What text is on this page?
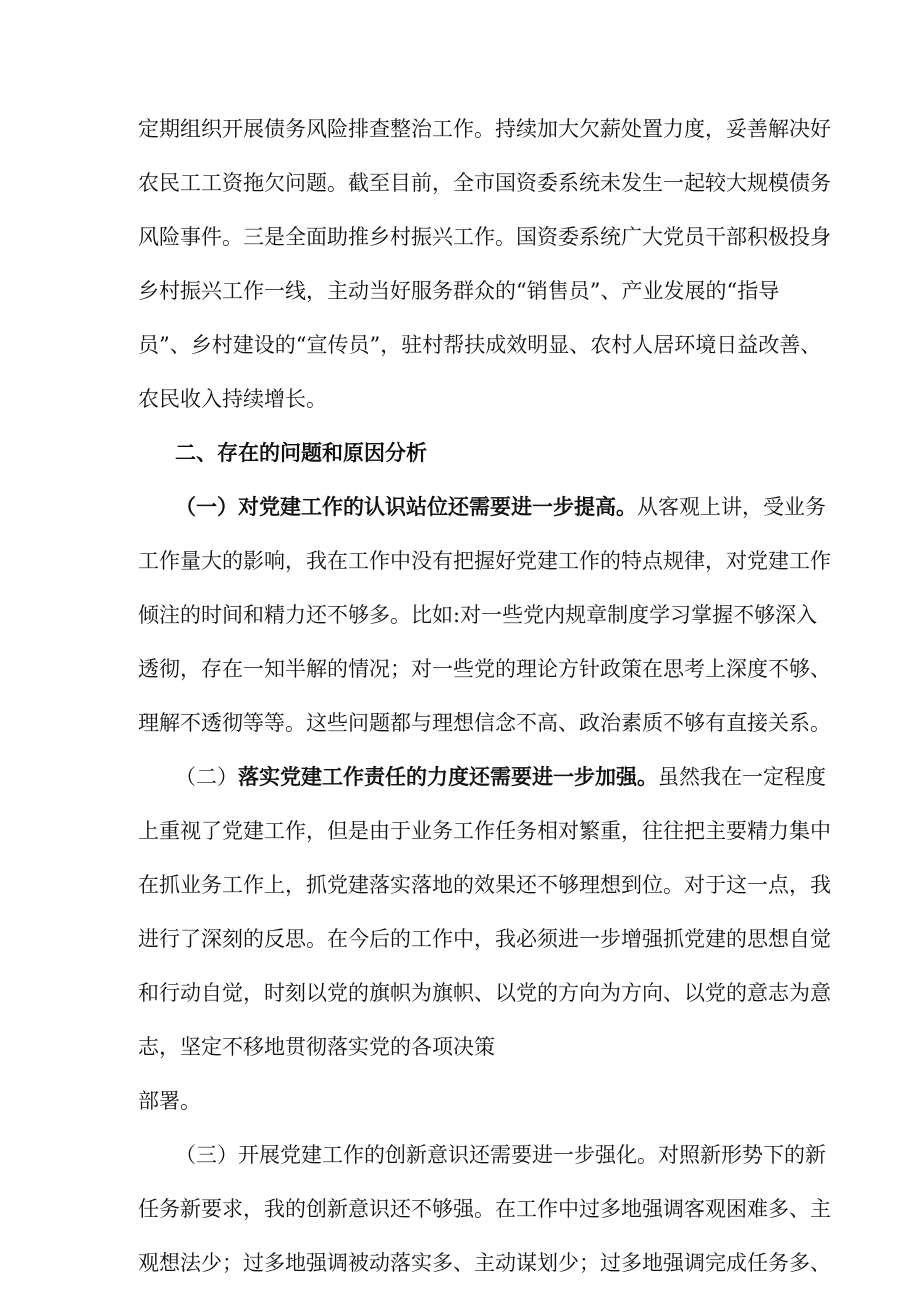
定期组织开展债务风险排查整治工作。持续加大欠薪处置力度，妥善解决好
农民工工资拖欠问题。截至目前，全市国资委系统未发生一起较大规模债务
风险事件。三是全面助推乡村振兴工作。国资委系统广大党员干部积极投身
乡村振兴工作一线，主动当好服务群众的“销售员”、产业发展的“指导
员”、乡村建设的“宣传员”，驻村帮扶成效明显、农村人居环境日益改善、
农民收入持续增长。
二、存在的问题和原因分析
（一）对党建工作的认识站位还需要进一步提高。从客观上讲，受业务
工作量大的影响，我在工作中没有把握好党建工作的特点规律，对党建工作
倾注的时间和精力还不够多。比如:对一些党内规章制度学习掌握不够深入
透彻，存在一知半解的情况；对一些党的理论方针政策在思考上深度不够、
理解不透彻等等。这些问题都与理想信念不高、政治素质不够有直接关系。
（二）落实党建工作责任的力度还需要进一步加强。虽然我在一定程度
上重视了党建工作，但是由于业务工作任务相对繁重，往往把主要精力集中
在抓业务工作上，抓党建落实落地的效果还不够理想到位。对于这一点，我
进行了深刻的反思。在今后的工作中，我必须进一步增强抓党建的思想自觉
和行动自觉，时刻以党的旗帜为旗帜、以党的方向为方向、以党的意志为意
志，坚定不移地贯彻落实党的各项决策
部署。
（三）开展党建工作的创新意识还需要进一步强化。对照新形势下的新
任务新要求，我的创新意识还不够强。在工作中过多地强调客观困难多、主
观想法少；过多地强调被动落实多、主动谋划少；过多地强调完成任务多、
